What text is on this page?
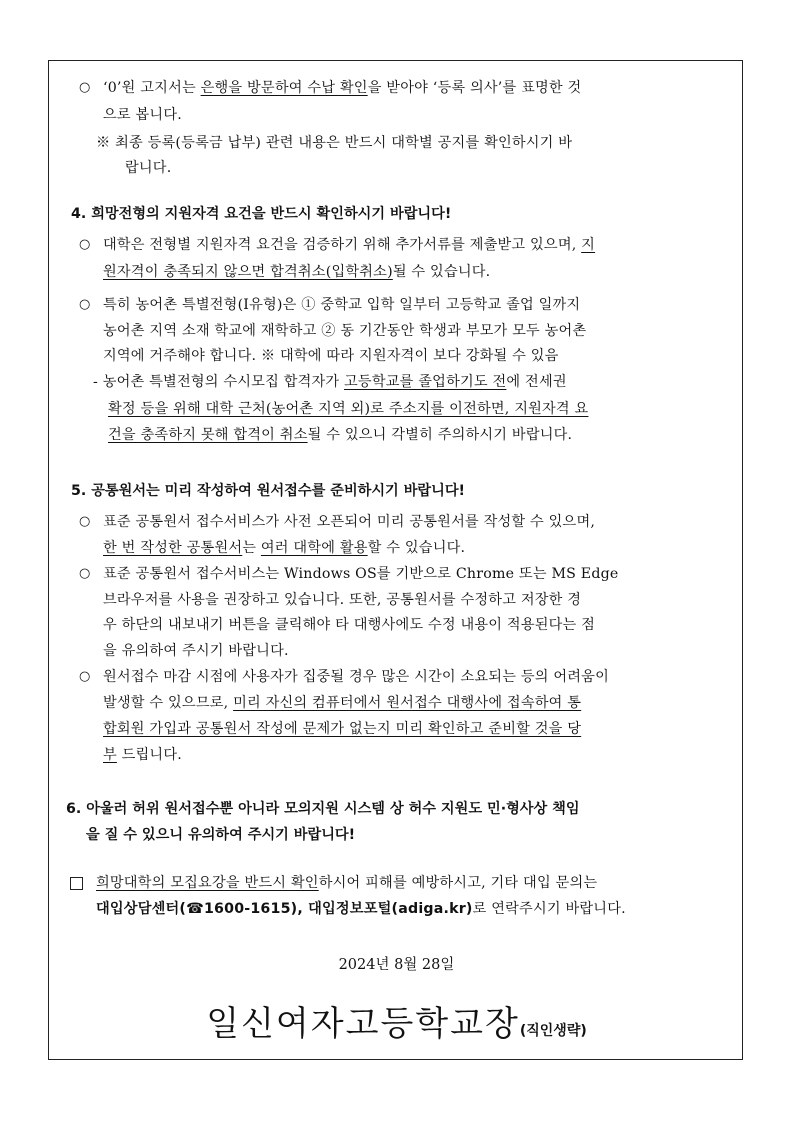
○ ‘0’원 고지서는 은행을 방문하여 수납 확인을 받아야 ‘등록 의사’를 표명한 것
으로 봅니다.
※ 최종 등록(등록금 납부) 관련 내용은 반드시 대학별 공지를 확인하시기 바
랍니다.
4. 희망전형의 지원자격 요건을 반드시 확인하시기 바랍니다!
○ 대학은 전형별 지원자격 요건을 검증하기 위해 추가서류를 제출받고 있으며, 지
원자격이 충족되지 않으면 합격취소(입학취소)될 수 있습니다.
○ 특히 농어촌 특별전형(Ⅰ유형)은 ① 중학교 입학 일부터 고등학교 졸업 일까지
농어촌 지역 소재 학교에 재학하고 ② 동 기간동안 학생과 부모가 모두 농어촌
지역에 거주해야 합니다. ※ 대학에 따라 지원자격이 보다 강화될 수 있음
- 농어촌 특별전형의 수시모집 합격자가 고등학교를 졸업하기도 전에 전세권
확정 등을 위해 대학 근처(농어촌 지역 외)로 주소지를 이전하면, 지원자격 요
건을 충족하지 못해 합격이 취소될 수 있으니 각별히 주의하시기 바랍니다.
5. 공통원서는 미리 작성하여 원서접수를 준비하시기 바랍니다!
○ 표준 공통원서 접수서비스가 사전 오픈되어 미리 공통원서를 작성할 수 있으며,
한 번 작성한 공통원서는 여러 대학에 활용할 수 있습니다.
○ 표준 공통원서 접수서비스는 Windows OS를 기반으로 Chrome 또는 MS Edge
브라우저를 사용을 권장하고 있습니다. 또한, 공통원서를 수정하고 저장한 경
우 하단의 내보내기 버튼을 클릭해야 타 대행사에도 수정 내용이 적용된다는 점
을 유의하여 주시기 바랍니다.
○ 원서접수 마감 시점에 사용자가 집중될 경우 많은 시간이 소요되는 등의 어려움이
발생할 수 있으므로, 미리 자신의 컴퓨터에서 원서접수 대행사에 접속하여 통
합회원 가입과 공통원서 작성에 문제가 없는지 미리 확인하고 준비할 것을 당
부 드립니다.
6. 아울러 허위 원서접수뿐 아니라 모의지원 시스템 상 허수 지원도 민·형사상 책임
을 질 수 있으니 유의하여 주시기 바랍니다!
희망대학의 모집요강을 반드시 확인하시어 피해를 예방하시고, 기타 대입 문의는
대입상담센터(☎1600-1615), 대입정보포털(adiga.kr)로 연락주시기 바랍니다.
2024년 8월 28일
일신여자고등학교장(직인생략)
